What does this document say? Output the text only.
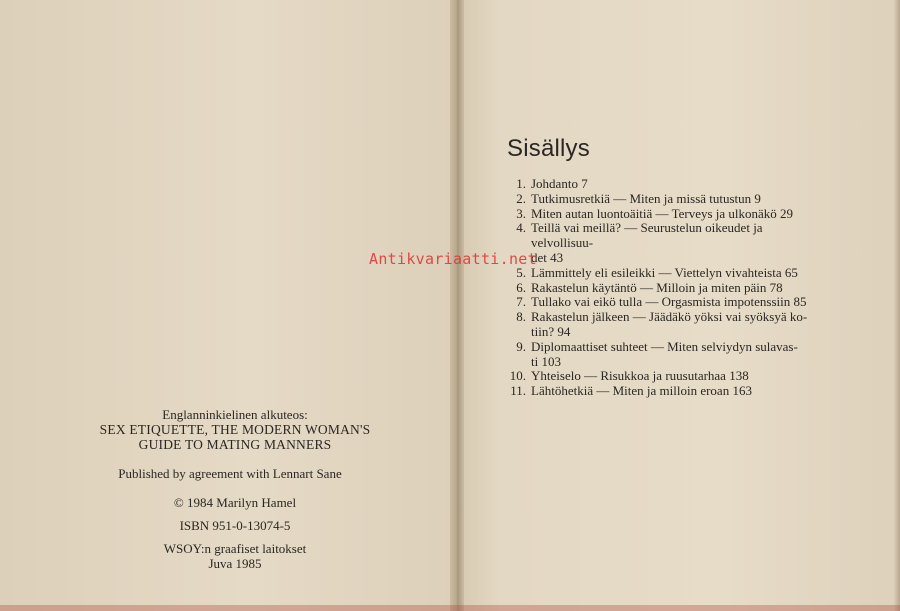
Englanninkielinen alkuteos:

SEX ETIQUETTE, THE MODERN WOMAN'S

GUIDE TO MATING MANNERS

Published by agreement with Lennart Sane

© 1984 Marilyn Hamel

ISBN 951-0-13074-5

WSOY:n graafiset laitokset

Juva 1985

Sisällys
1. Johdanto 7
2. Tutkimusretkiä — Miten ja missä tutustun 9
3. Miten autan luontoäitiä — Terveys ja ulkonäkö 29
4. Teillä vai meillä? — Seurustelun oikeudet ja velvollisuu-
det 43
5. Lämmittely eli esileikki — Viettelyn vivahteista 65
6. Rakastelun käytäntö — Milloin ja miten päin 78
7. Tullako vai eikö tulla — Orgasmista impotenssiin 85
8. Rakastelun jälkeen — Jäädäkö yöksi vai syöksyä ko-
tiin? 94
9. Diplomaattiset suhteet — Miten selviydyn sulavas-
ti 103
10. Yhteiselo — Risukkoa ja ruusutarhaa 138
11. Lähtöhetkiä — Miten ja milloin eroan 163
Antikvariaatti.net
